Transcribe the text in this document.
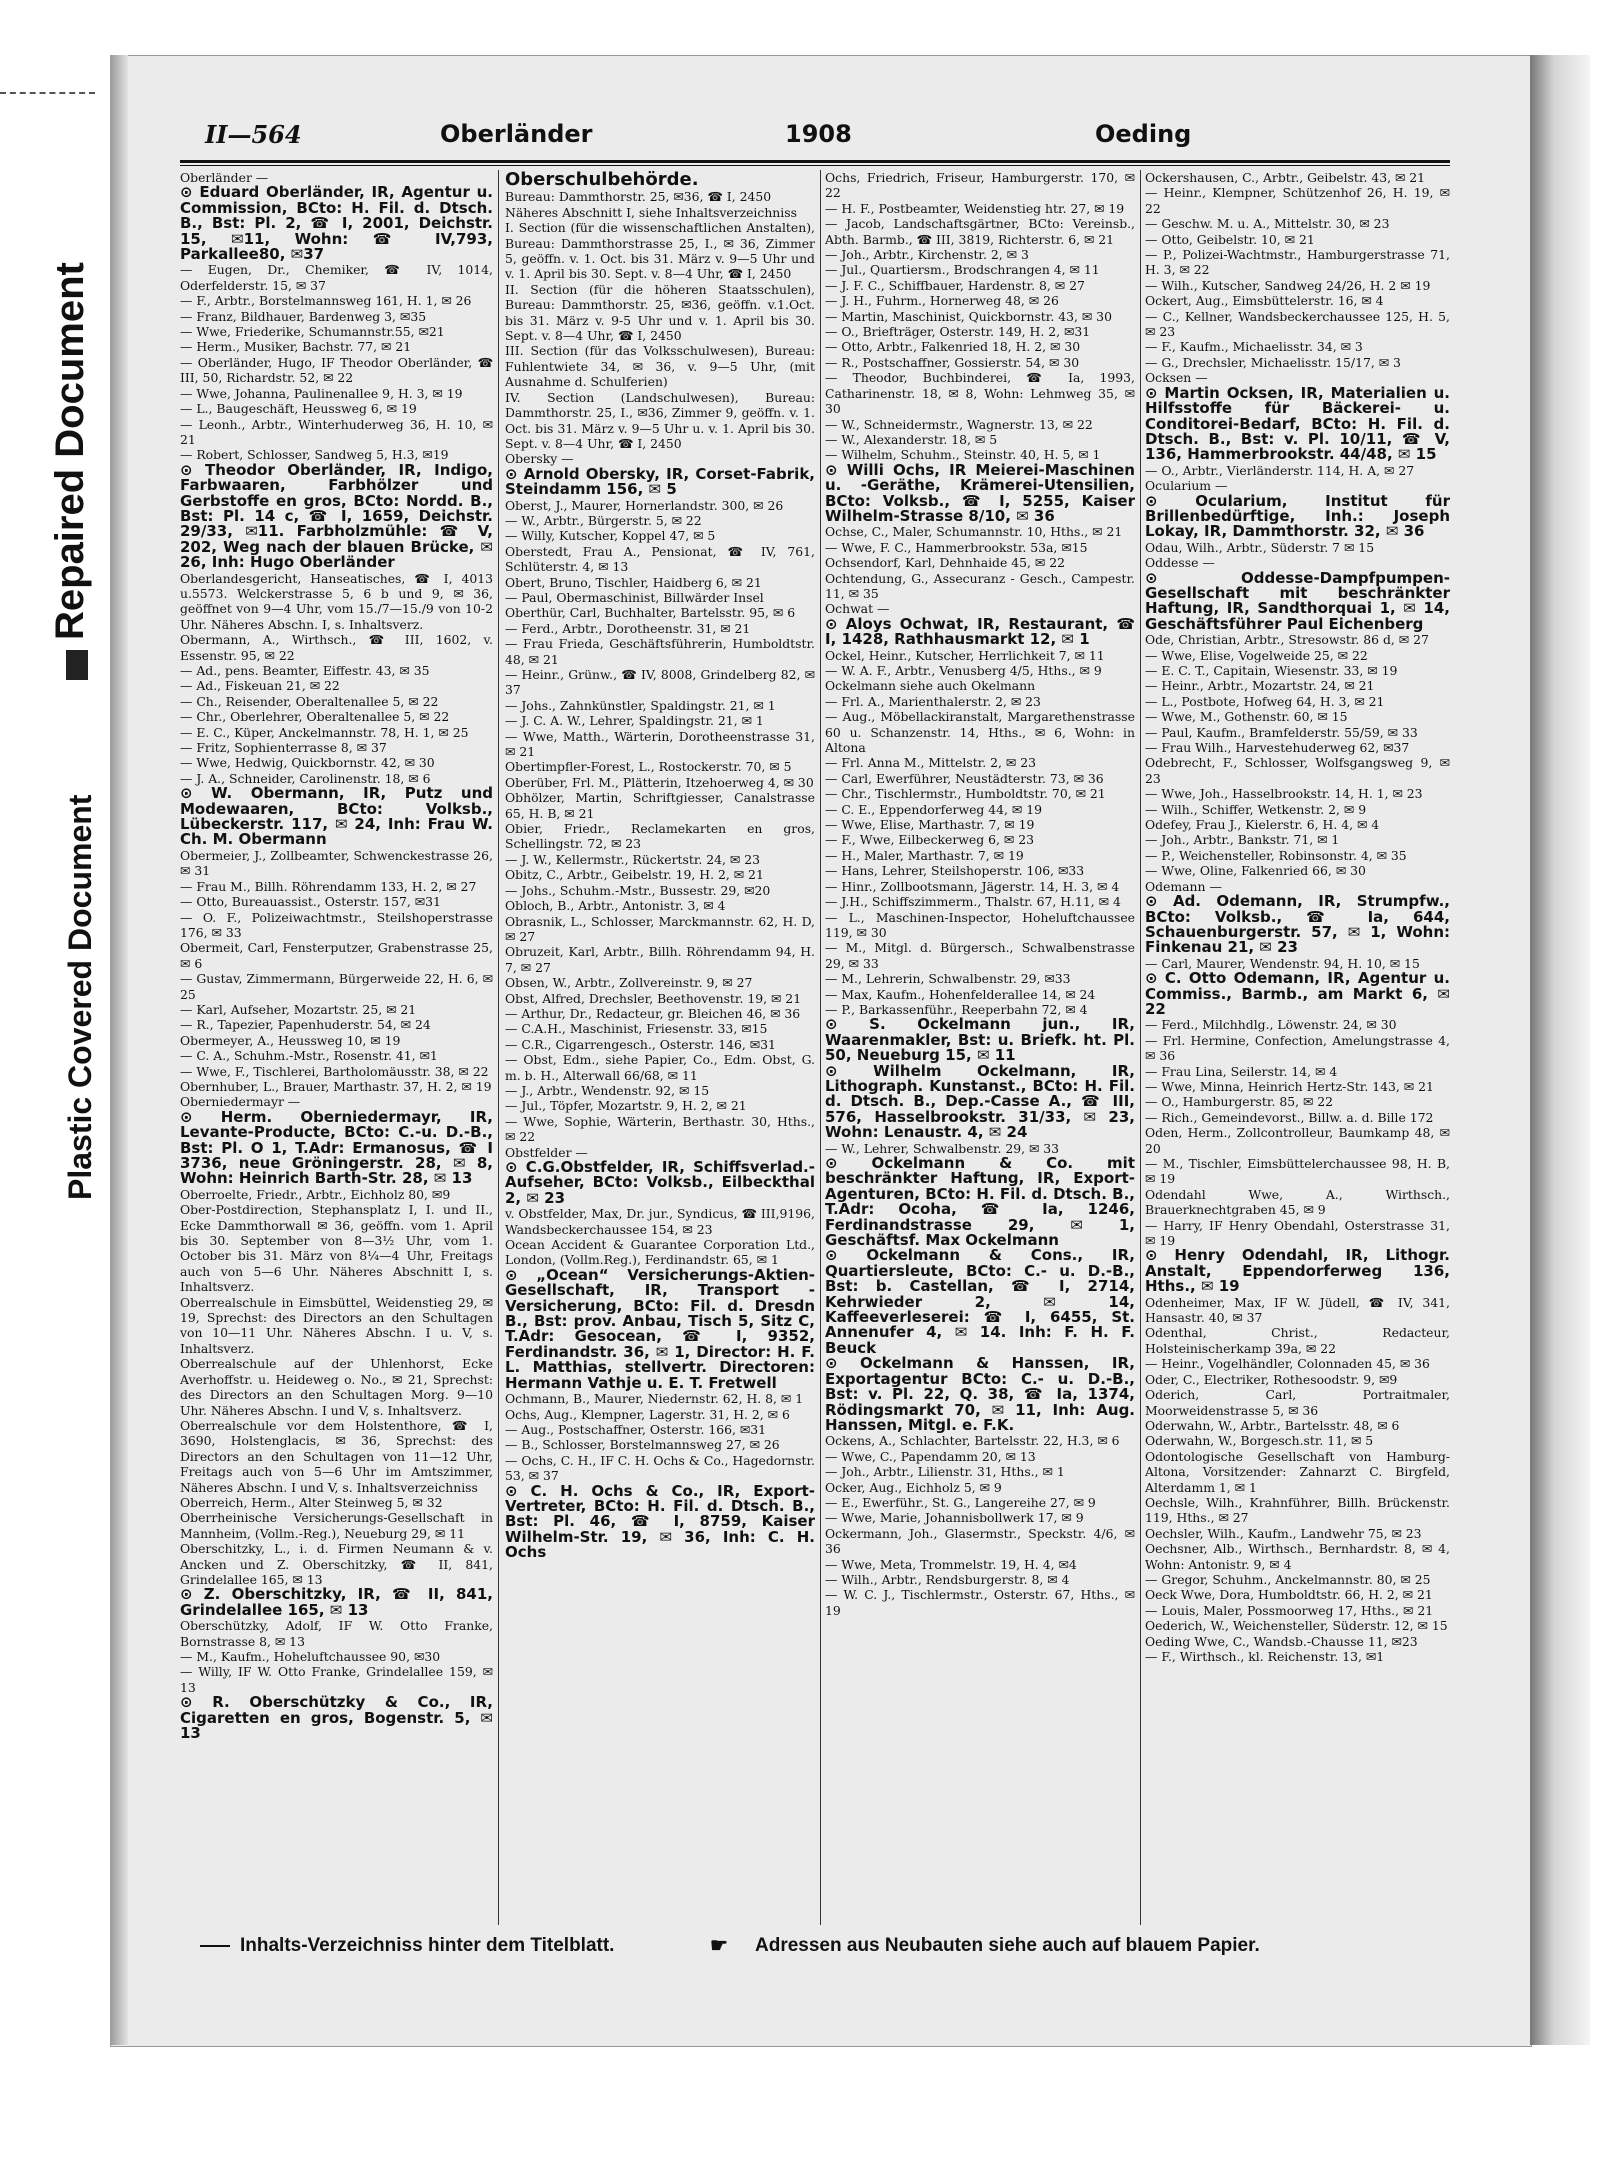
Repaired Document
Plastic Covered Document
II—564	Oberländer	1908	Oeding

Oberländer —

⊙ Eduard Oberländer, IR, Agentur u. Commission, BCto: H. Fil. d. Dtsch. B., Bst: Pl. 2, ☎ I, 2001, Deichstr. 15, ✉11, Wohn: ☎ IV,793, Parkallee80, ✉37

— Eugen, Dr., Chemiker, ☎ IV, 1014, Oderfelderstr. 15, ✉ 37

— F., Arbtr., Borstelmannsweg 161, H. 1, ✉ 26

— Franz, Bildhauer, Bardenweg 3, ✉35

— Wwe, Friederike, Schumannstr.55, ✉21

— Herm., Musiker, Bachstr. 77, ✉ 21

— Oberländer, Hugo, IF Theodor Oberländer, ☎ III, 50, Richardstr. 52, ✉ 22

— Wwe, Johanna, Paulinenallee 9, H. 3, ✉ 19

— L., Baugeschäft, Heussweg 6, ✉ 19

— Leonh., Arbtr., Winterhuderweg 36, H. 10, ✉ 21

— Robert, Schlosser, Sandweg 5, H.3, ✉19

⊙ Theodor Oberländer, IR, Indigo, Farbwaaren, Farbhölzer und Gerbstoffe en gros, BCto: Nordd. B., Bst: Pl. 14 c, ☎ I, 1659, Deichstr. 29/33, ✉11. Farbholzmühle: ☎ V, 202, Weg nach der blauen Brücke, ✉ 26, Inh: Hugo Oberländer

Oberlandesgericht, Hanseatisches, ☎ I, 4013 u.5573. Welckerstrasse 5, 6 b und 9, ✉ 36, geöffnet von 9—4 Uhr, vom 15./7—15./9 von 10-2 Uhr. Näheres Abschn. I, s. Inhaltsverz.

Obermann, A., Wirthsch., ☎ III, 1602, v. Essenstr. 95, ✉ 22

— Ad., pens. Beamter, Eiffestr. 43, ✉ 35

— Ad., Fiskeuan 21, ✉ 22

— Ch., Reisender, Oberaltenallee 5, ✉ 22

— Chr., Oberlehrer, Oberaltenallee 5, ✉ 22

— E. C., Küper, Anckelmannstr. 78, H. 1, ✉ 25

— Fritz, Sophienterrasse 8, ✉ 37

— Wwe, Hedwig, Quickbornstr. 42, ✉ 30

— J. A., Schneider, Carolinenstr. 18, ✉ 6

⊙ W. Obermann, IR, Putz und Modewaaren, BCto: Volksb., Lübeckerstr. 117, ✉ 24, Inh: Frau W. Ch. M. Obermann

Obermeier, J., Zollbeamter, Schwenckestrasse 26, ✉ 31

— Frau M., Billh. Röhrendamm 133, H. 2, ✉ 27

— Otto, Bureauassist., Osterstr. 157, ✉31

— O. F., Polizeiwachtmstr., Steilshoperstrasse 176, ✉ 33

Obermeit, Carl, Fensterputzer, Grabenstrasse 25, ✉ 6

— Gustav, Zimmermann, Bürgerweide 22, H. 6, ✉ 25

— Karl, Aufseher, Mozartstr. 25, ✉ 21

— R., Tapezier, Papenhuderstr. 54, ✉ 24

Obermeyer, A., Heussweg 10, ✉ 19

— C. A., Schuhm.-Mstr., Rosenstr. 41, ✉1

— Wwe, F., Tischlerei, Bartholomäusstr. 38, ✉ 22

Obernhuber, L., Brauer, Marthastr. 37, H. 2, ✉ 19

Oberniedermayr —

⊙ Herm. Oberniedermayr, IR, Levante-Producte, BCto: C.-u. D.-B., Bst: Pl. O 1, T.Adr: Ermanosus, ☎ I 3736, neue Gröningerstr. 28, ✉ 8, Wohn: Heinrich Barth-Str. 28, ✉ 13

Oberroelte, Friedr., Arbtr., Eichholz 80, ✉9

Ober-Postdirection, Stephansplatz I, I. und II., Ecke Dammthorwall ✉ 36, geöffn. vom 1. April bis 30. September von 8—3½ Uhr, vom 1. October bis 31. März von 8¼—4 Uhr, Freitags auch von 5—6 Uhr. Näheres Abschnitt I, s. Inhaltsverz.

Oberrealschule in Eimsbüttel, Weidenstieg 29, ✉ 19, Sprechst: des Directors an den Schultagen von 10—11 Uhr. Näheres Abschn. I u. V, s. Inhaltsverz.

Oberrealschule auf der Uhlenhorst, Ecke Averhoffstr. u. Heideweg o. No., ✉ 21, Sprechst: des Directors an den Schultagen Morg. 9—10 Uhr. Näheres Abschn. I und V, s. Inhaltsverz.

Oberrealschule vor dem Holstenthore, ☎ I, 3690, Holstenglacis, ✉ 36, Sprechst: des Directors an den Schultagen von 11—12 Uhr, Freitags auch von 5—6 Uhr im Amtszimmer, Näheres Abschn. I und V, s. Inhaltsverzeichniss

Oberreich, Herm., Alter Steinweg 5, ✉ 32

Oberrheinische Versicherungs-Gesellschaft in Mannheim, (Vollm.-Reg.), Neueburg 29, ✉ 11

Oberschitzky, L., i. d. Firmen Neumann & v. Ancken und Z. Oberschitzky, ☎ II, 841, Grindelallee 165, ✉ 13

⊙ Z. Oberschitzky, IR, ☎ II, 841, Grindelallee 165, ✉ 13

Oberschützky, Adolf, IF W. Otto Franke, Bornstrasse 8, ✉ 13

— M., Kaufm., Hoheluftchaussee 90, ✉30

— Willy, IF W. Otto Franke, Grindelallee 159, ✉ 13

⊙ R. Oberschützky & Co., IR, Cigaretten en gros, Bogenstr. 5, ✉ 13

Oberschulbehörde.

Bureau: Dammthorstr. 25, ✉36, ☎ I, 2450

Näheres Abschnitt I, siehe Inhaltsverzeichniss

I. Section (für die wissenschaftlichen Anstalten), Bureau: Dammthorstrasse 25, I., ✉ 36, Zimmer 5, geöffn. v. 1. Oct. bis 31. März v. 9—5 Uhr und v. 1. April bis 30. Sept. v. 8—4 Uhr, ☎ I, 2450

II. Section (für die höheren Staatsschulen), Bureau: Dammthorstr. 25, ✉36, geöffn. v.1.Oct. bis 31. März v. 9-5 Uhr und v. 1. April bis 30. Sept. v. 8—4 Uhr, ☎ I, 2450

III. Section (für das Volksschulwesen), Bureau: Fuhlentwiete 34, ✉ 36, v. 9—5 Uhr, (mit Ausnahme d. Schulferien)

IV. Section (Landschulwesen), Bureau: Dammthorstr. 25, I., ✉36, Zimmer 9, geöffn. v. 1. Oct. bis 31. März v. 9—5 Uhr u. v. 1. April bis 30. Sept. v. 8—4 Uhr, ☎ I, 2450

Obersky —

⊙ Arnold Obersky, IR, Corset-Fabrik, Steindamm 156, ✉ 5

Oberst, J., Maurer, Hornerlandstr. 300, ✉ 26

— W., Arbtr., Bürgerstr. 5, ✉ 22

— Willy, Kutscher, Koppel 47, ✉ 5

Oberstedt, Frau A., Pensionat, ☎ IV, 761, Schlüterstr. 4, ✉ 13

Obert, Bruno, Tischler, Haidberg 6, ✉ 21

— Paul, Obermaschinist, Billwärder Insel

Oberthür, Carl, Buchhalter, Bartelsstr. 95, ✉ 6

— Ferd., Arbtr., Dorotheenstr. 31, ✉ 21

— Frau Frieda, Geschäftsführerin, Humboldtstr. 48, ✉ 21

— Heinr., Grünw., ☎ IV, 8008, Grindelberg 82, ✉ 37

— Johs., Zahnkünstler, Spaldingstr. 21, ✉ 1

— J. C. A. W., Lehrer, Spaldingstr. 21, ✉ 1

— Wwe, Matth., Wärterin, Dorotheenstrasse 31, ✉ 21

Obertimpfler-Forest, L., Rostockerstr. 70, ✉ 5

Oberüber, Frl. M., Plätterin, Itzehoerweg 4, ✉ 30

Obhölzer, Martin, Schriftgiesser, Canalstrasse 65, H. B, ✉ 21

Obier, Friedr., Reclamekarten en gros, Schellingstr. 72, ✉ 23

— J. W., Kellermstr., Rückertstr. 24, ✉ 23

Obitz, C., Arbtr., Geibelstr. 19, H. 2, ✉ 21

— Johs., Schuhm.-Mstr., Bussestr. 29, ✉20

Obloch, B., Arbtr., Antonistr. 3, ✉ 4

Obrasnik, L., Schlosser, Marckmannstr. 62, H. D, ✉ 27

Obruzeit, Karl, Arbtr., Billh. Röhrendamm 94, H. 7, ✉ 27

Obsen, W., Arbtr., Zollvereinstr. 9, ✉ 27

Obst, Alfred, Drechsler, Beethovenstr. 19, ✉ 21

— Arthur, Dr., Redacteur, gr. Bleichen 46, ✉ 36

— C.A.H., Maschinist, Friesenstr. 33, ✉15

— C.R., Cigarrengesch., Osterstr. 146, ✉31

— Obst, Edm., siehe Papier, Co., Edm. Obst, G. m. b. H., Alterwall 66/68, ✉ 11

— J., Arbtr., Wendenstr. 92, ✉ 15

— Jul., Töpfer, Mozartstr. 9, H. 2, ✉ 21

— Wwe, Sophie, Wärterin, Berthastr. 30, Hths., ✉ 22

Obstfelder —

⊙ C.G.Obstfelder, IR, Schiffsverlad.-Aufseher, BCto: Volksb., Eilbeckthal 2, ✉ 23

v. Obstfelder, Max, Dr. jur., Syndicus, ☎ III,9196, Wandsbeckerchaussee 154, ✉ 23

Ocean Accident & Guarantee Corporation Ltd., London, (Vollm.Reg.), Ferdinandstr. 65, ✉ 1

⊙ „Ocean“ Versicherungs-Aktien-Gesellschaft, IR, Transport - Versicherung, BCto: Fil. d. Dresdn B., Bst: prov. Anbau, Tisch 5, Sitz C, T.Adr: Gesocean, ☎ I, 9352, Ferdinandstr. 36, ✉ 1, Director: H. F. L. Matthias, stellvertr. Directoren: Hermann Vathje u. E. T. Fretwell

Ochmann, B., Maurer, Niedernstr. 62, H. 8, ✉ 1

Ochs, Aug., Klempner, Lagerstr. 31, H. 2, ✉ 6

— Aug., Postschaffner, Osterstr. 166, ✉31

— B., Schlosser, Borstelmannsweg 27, ✉ 26

— Ochs, C. H., IF C. H. Ochs & Co., Hagedornstr. 53, ✉ 37

⊙ C. H. Ochs & Co., IR, Export-Vertreter, BCto: H. Fil. d. Dtsch. B., Bst: Pl. 46, ☎ I, 8759, Kaiser Wilhelm-Str. 19, ✉ 36, Inh: C. H. Ochs

Ochs, Friedrich, Friseur, Hamburgerstr. 170, ✉ 22

— H. F., Postbeamter, Weidenstieg htr. 27, ✉ 19

— Jacob, Landschaftsgärtner, BCto: Vereinsb., Abth. Barmb., ☎ III, 3819, Richterstr. 6, ✉ 21

— Joh., Arbtr., Kirchenstr. 2, ✉ 3

— Jul., Quartiersm., Brodschrangen 4, ✉ 11

— J. F. C., Schiffbauer, Hardenstr. 8, ✉ 27

— J. H., Fuhrm., Hornerweg 48, ✉ 26

— Martin, Maschinist, Quickbornstr. 43, ✉ 30

— O., Briefträger, Osterstr. 149, H. 2, ✉31

— Otto, Arbtr., Falkenried 18, H. 2, ✉ 30

— R., Postschaffner, Gossierstr. 54, ✉ 30

— Theodor, Buchbinderei, ☎ Ia, 1993, Catharinenstr. 18, ✉ 8, Wohn: Lehmweg 35, ✉ 30

— W., Schneidermstr., Wagnerstr. 13, ✉ 22

— W., Alexanderstr. 18, ✉ 5

— Wilhelm, Schuhm., Steinstr. 40, H. 5, ✉ 1

⊙ Willi Ochs, IR Meierei-Maschinen u. -Geräthe, Krämerei-Utensilien, BCto: Volksb., ☎ I, 5255, Kaiser Wilhelm-Strasse 8/10, ✉ 36

Ochse, C., Maler, Schumannstr. 10, Hths., ✉ 21

— Wwe, F. C., Hammerbrookstr. 53a, ✉15

Ochsendorf, Karl, Dehnhaide 45, ✉ 22

Ochtendung, G., Assecuranz - Gesch., Campestr. 11, ✉ 35

Ochwat —

⊙ Aloys Ochwat, IR, Restaurant, ☎ I, 1428, Rathhausmarkt 12, ✉ 1

Ockel, Heinr., Kutscher, Herrlichkeit 7, ✉ 11

— W. A. F., Arbtr., Venusberg 4/5, Hths., ✉ 9

Ockelmann siehe auch Okelmann

— Frl. A., Marienthalerstr. 2, ✉ 23

— Aug., Möbellackiranstalt, Margarethenstrasse 60 u. Schanzenstr. 14, Hths., ✉ 6, Wohn: in Altona

— Frl. Anna M., Mittelstr. 2, ✉ 23

— Carl, Ewerführer, Neustädterstr. 73, ✉ 36

— Chr., Tischlermstr., Humboldtstr. 70, ✉ 21

— C. E., Eppendorferweg 44, ✉ 19

— Wwe, Elise, Marthastr. 7, ✉ 19

— F., Wwe, Eilbeckerweg 6, ✉ 23

— H., Maler, Marthastr. 7, ✉ 19

— Hans, Lehrer, Steilshoperstr. 106, ✉33

— Hinr., Zollbootsmann, Jägerstr. 14, H. 3, ✉ 4

— J.H., Schiffszimmerm., Thalstr. 67, H.11, ✉ 4

— L., Maschinen-Inspector, Hoheluftchaussee 119, ✉ 30

— M., Mitgl. d. Bürgersch., Schwalbenstrasse 29, ✉ 33

— M., Lehrerin, Schwalbenstr. 29, ✉33

— Max, Kaufm., Hohenfelderallee 14, ✉ 24

— P., Barkassenführ., Reeperbahn 72, ✉ 4

⊙ S. Ockelmann jun., IR, Waarenmakler, Bst: u. Briefk. ht. Pl. 50, Neueburg 15, ✉ 11

⊙ Wilhelm Ockelmann, IR, Lithograph. Kunstanst., BCto: H. Fil. d. Dtsch. B., Dep.-Casse A., ☎ III, 576, Hasselbrookstr. 31/33, ✉ 23, Wohn: Lenaustr. 4, ✉ 24

— W., Lehrer, Schwalbenstr. 29, ✉ 33

⊙ Ockelmann & Co. mit beschränkter Haftung, IR, Export-Agenturen, BCto: H. Fil. d. Dtsch. B., T.Adr: Ocoha, ☎ Ia, 1246, Ferdinandstrasse 29, ✉ 1, Geschäftsf. Max Ockelmann

⊙ Ockelmann & Cons., IR, Quartiersleute, BCto: C.- u. D.-B., Bst: b. Castellan, ☎ I, 2714, Kehrwieder 2, ✉ 14, Kaffeeverleserei: ☎ I, 6455, St. Annenufer 4, ✉ 14. Inh: F. H. F. Beuck

⊙ Ockelmann & Hanssen, IR, Exportagentur BCto: C.- u. D.-B., Bst: v. Pl. 22, Q. 38, ☎ Ia, 1374, Rödingsmarkt 70, ✉ 11, Inh: Aug. Hanssen, Mitgl. e. F.K.

Ockens, A., Schlachter, Bartelsstr. 22, H.3, ✉ 6

— Wwe, C., Papendamm 20, ✉ 13

— Joh., Arbtr., Lilienstr. 31, Hths., ✉ 1

Ocker, Aug., Eichholz 5, ✉ 9

— E., Ewerführ., St. G., Langereihe 27, ✉ 9

— Wwe, Marie, Johannisbollwerk 17, ✉ 9

Ockermann, Joh., Glasermstr., Speckstr. 4/6, ✉ 36

— Wwe, Meta, Trommelstr. 19, H. 4, ✉4

— Wilh., Arbtr., Rendsburgerstr. 8, ✉ 4

— W. C. J., Tischlermstr., Osterstr. 67, Hths., ✉ 19

Ockershausen, C., Arbtr., Geibelstr. 43, ✉ 21

— Heinr., Klempner, Schützenhof 26, H. 19, ✉ 22

— Geschw. M. u. A., Mittelstr. 30, ✉ 23

— Otto, Geibelstr. 10, ✉ 21

— P., Polizei-Wachtmstr., Hamburgerstrasse 71, H. 3, ✉ 22

— Wilh., Kutscher, Sandweg 24/26, H. 2 ✉ 19

Ockert, Aug., Eimsbüttelerstr. 16, ✉ 4

— C., Kellner, Wandsbeckerchaussee 125, H. 5, ✉ 23

— F., Kaufm., Michaelisstr. 34, ✉ 3

— G., Drechsler, Michaelisstr. 15/17, ✉ 3

Ocksen —

⊙ Martin Ocksen, IR, Materialien u. Hilfsstoffe für Bäckerei- u. Conditorei-Bedarf, BCto: H. Fil. d. Dtsch. B., Bst: v. Pl. 10/11, ☎ V, 136, Hammerbrookstr. 44/48, ✉ 15

— O., Arbtr., Vierländerstr. 114, H. A, ✉ 27

Ocularium —

⊙ Ocularium, Institut für Brillenbedürftige, Inh.: Joseph Lokay, IR, Dammthorstr. 32, ✉ 36

Odau, Wilh., Arbtr., Süderstr. 7 ✉ 15

Oddesse —

⊙ Oddesse-Dampfpumpen-Gesellschaft mit beschränkter Haftung, IR, Sandthorquai 1, ✉ 14, Geschäftsführer Paul Eichenberg

Ode, Christian, Arbtr., Stresowstr. 86 d, ✉ 27

— Wwe, Elise, Vogelweide 25, ✉ 22

— E. C. T., Capitain, Wiesenstr. 33, ✉ 19

— Heinr., Arbtr., Mozartstr. 24, ✉ 21

— L., Postbote, Hofweg 64, H. 3, ✉ 21

— Wwe, M., Gothenstr. 60, ✉ 15

— Paul, Kaufm., Bramfelderstr. 55/59, ✉ 33

— Frau Wilh., Harvestehuderweg 62, ✉37

Odebrecht, F., Schlosser, Wolfsgangsweg 9, ✉ 23

— Wwe, Joh., Hasselbrookstr. 14, H. 1, ✉ 23

— Wilh., Schiffer, Wetkenstr. 2, ✉ 9

Odefey, Frau J., Kielerstr. 6, H. 4, ✉ 4

— Joh., Arbtr., Bankstr. 71, ✉ 1

— P., Weichensteller, Robinsonstr. 4, ✉ 35

— Wwe, Oline, Falkenried 66, ✉ 30

Odemann —

⊙ Ad. Odemann, IR, Strumpfw., BCto: Volksb., ☎ Ia, 644, Schauenburgerstr. 57, ✉ 1, Wohn: Finkenau 21, ✉ 23

— Carl, Maurer, Wendenstr. 94, H. 10, ✉ 15

⊙ C. Otto Odemann, IR, Agentur u. Commiss., Barmb., am Markt 6, ✉ 22

— Ferd., Milchhdlg., Löwenstr. 24, ✉ 30

— Frl. Hermine, Confection, Amelungstrasse 4, ✉ 36

— Frau Lina, Seilerstr. 14, ✉ 4

— Wwe, Minna, Heinrich Hertz-Str. 143, ✉ 21

— O., Hamburgerstr. 85, ✉ 22

— Rich., Gemeindevorst., Billw. a. d. Bille 172

Oden, Herm., Zollcontrolleur, Baumkamp 48, ✉ 20

— M., Tischler, Eimsbüttelerchaussee 98, H. B, ✉ 19

Odendahl Wwe, A., Wirthsch., Brauerknechtgraben 45, ✉ 9

— Harry, IF Henry Obendahl, Osterstrasse 31, ✉ 19

⊙ Henry Odendahl, IR, Lithogr. Anstalt, Eppendorferweg 136, Hths., ✉ 19

Odenheimer, Max, IF W. Jüdell, ☎ IV, 341, Hansastr. 40, ✉ 37

Odenthal, Christ., Redacteur, Holsteinischerkamp 39a, ✉ 22

— Heinr., Vogelhändler, Colonnaden 45, ✉ 36

Oder, C., Electriker, Rothesoodstr. 9, ✉9

Oderich, Carl, Portraitmaler, Moorweidenstrasse 5, ✉ 36

Oderwahn, W., Arbtr., Bartelsstr. 48, ✉ 6

Oderwahn, W., Borgesch.str. 11, ✉ 5

Odontologische Gesellschaft von Hamburg-Altona, Vorsitzender: Zahnarzt C. Birgfeld, Alterdamm 1, ✉ 1

Oechsle, Wilh., Krahnführer, Billh. Brückenstr. 119, Hths., ✉ 27

Oechsler, Wilh., Kaufm., Landwehr 75, ✉ 23

Oechsner, Alb., Wirthsch., Bernhardstr. 8, ✉ 4, Wohn: Antonistr. 9, ✉ 4

— Gregor, Schuhm., Anckelmannstr. 80, ✉ 25

Oeck Wwe, Dora, Humboldtstr. 66, H. 2, ✉ 21

— Louis, Maler, Possmoorweg 17, Hths., ✉ 21

Oederich, W., Weichensteller, Süderstr. 12, ✉ 15

Oeding Wwe, C., Wandsb.-Chausse 11, ✉23

— F., Wirthsch., kl. Reichenstr. 13, ✉1

Inhalts-Verzeichniss hinter dem Titelblatt.	☛ Adressen aus Neubauten siehe auch auf blauem Papier.
